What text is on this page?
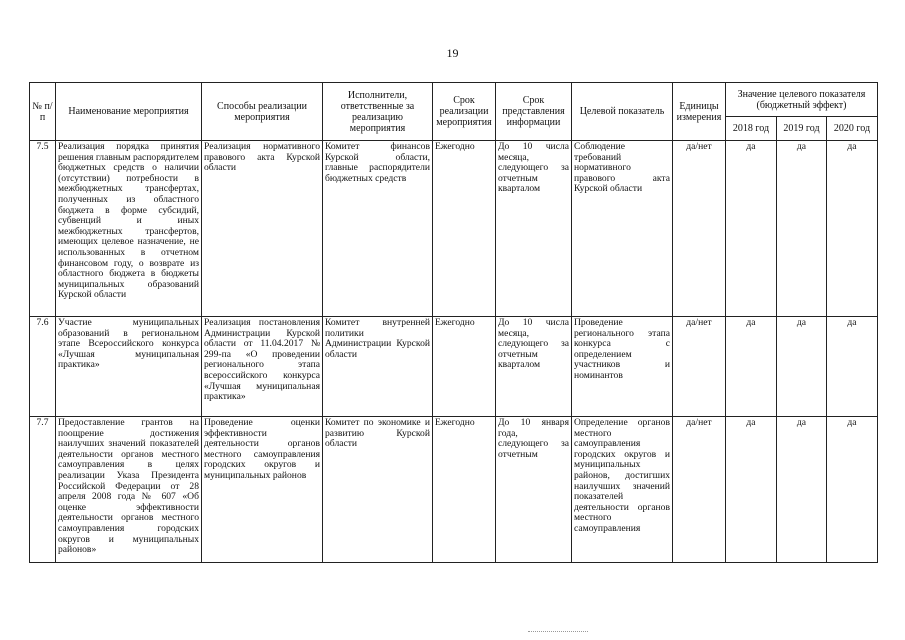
19
№ п/п	Наименование мероприятия	Способы реализации мероприятия	Исполнители, ответственные за реализацию мероприятия	Срок реализации мероприятия	Срок представления информации	Целевой показатель	Единицы измерения	Значение целевого показателя (бюджетный эффект)		
								2018 год	2019 год	2020 год
7.5	Реализация порядка принятия решения главным распорядителем бюджетных средств о наличии (отсутствии) потребности в межбюджетных трансфертах, полученных из областного бюджета в форме субсидий, субвенций и иных межбюджетных трансфертов, имеющих целевое назначение, не использованных в отчетном финансовом году, о возврате из областного бюджета в бюджеты муниципальных образований Курской области	Реализация нормативного правового акта Курской области	Комитет финансов Курской области, главные распорядители бюджетных средств	Ежегодно	До 10 числа месяца, следующего за отчетным кварталом	Соблюдение требований нормативного правового акта Курской области	да/нет	да	да	да
7.6	Участие муниципальных образований в региональном этапе Всероссийского конкурса «Лучшая муниципальная практика»	Реализация постановления Администрации Курской области от 11.04.2017 № 299-па «О проведении регионального этапа всероссийского конкурса «Лучшая муниципальная практика»	Комитет внутренней политики Администрации Курской области	Ежегодно	До 10 числа месяца, следующего за отчетным кварталом	Проведение регионального этапа конкурса с определением участников и номинантов	да/нет	да	да	да
7.7	Предоставление грантов на поощрение достижения наилучших значений показателей деятельности органов местного самоуправления в целях реализации Указа Президента Российской Федерации от 28 апреля 2008 года № 607 «Об оценке эффективности деятельности органов местного самоуправления городских округов и муниципальных районов»	Проведение оценки эффективности деятельности органов местного самоуправления городских округов и муниципальных районов	Комитет по экономике и развитию Курской области	Ежегодно	До 10 января года, следующего за отчетным	Определение органов местного самоуправления городских округов и муниципальных районов, достигших наилучших значений показателей деятельности органов местного самоуправления	да/нет	да	да	да
